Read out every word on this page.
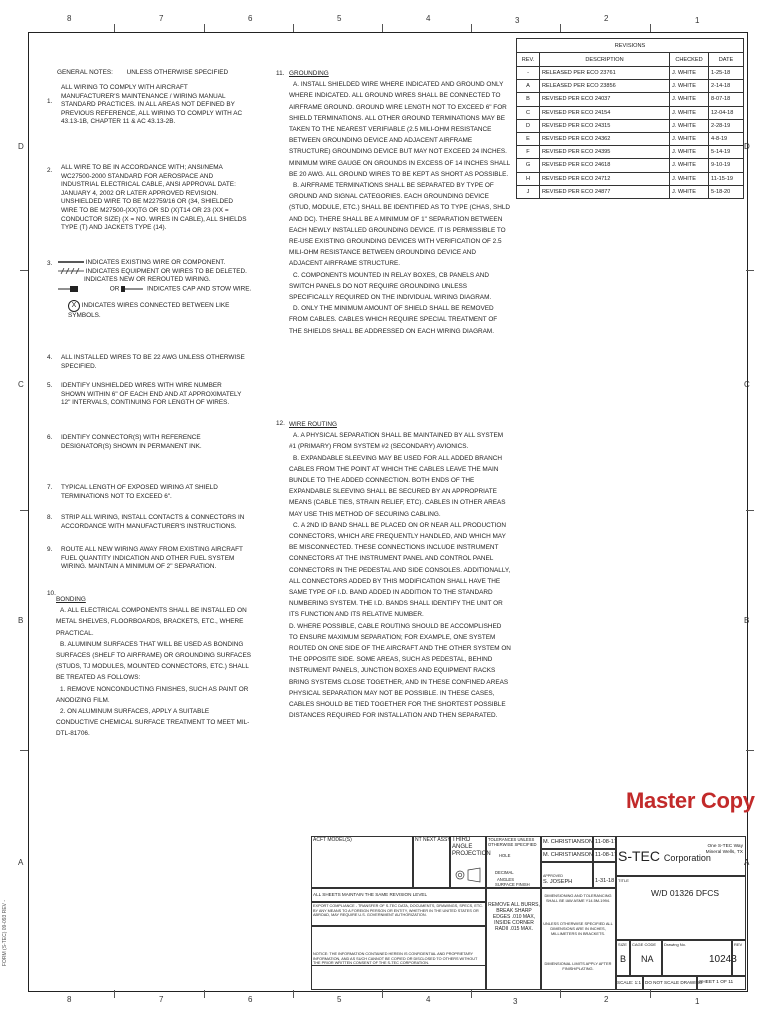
8	7	6	5	4	3	2	1
8	7	6	5	4	3	2	1
D
C
B
A
D
C
B
A
REVISIONS			
REV.	DESCRIPTION	CHECKED	DATE
-	RELEASED PER ECO 23761	J. WHITE	1-25-18
A	RELEASED PER ECO 23856	J. WHITE	2-14-18
B	REVISED PER ECO 24037	J. WHITE	8-07-18
C	REVISED PER ECO 24154	J. WHITE	12-04-18
D	REVISED PER ECO 24315	J. WHITE	2-28-19
E	REVISED PER ECO 24362	J. WHITE	4-8-19
F	REVISED PER ECO 24395	J. WHITE	5-14-19
G	REVISED PER ECO 24618	J. WHITE	9-10-19
H	REVISED PER ECO 24712	J. WHITE	11-15-19
J	REVISED PER ECO 24877	J. WHITE	5-18-20
GENERAL NOTES: UNLESS OTHERWISE SPECIFIED
1.
ALL WIRING TO COMPLY WITH AIRCRAFT MANUFACTURER'S MAINTENANCE / WIRING MANUAL STANDARD PRACTICES. IN ALL AREAS NOT DEFINED BY PREVIOUS REFERENCE, ALL WIRING TO COMPLY WITH AC 43.13-1B, CHAPTER 11 & AC 43.13-2B.
2. ALL WIRE TO BE IN ACCORDANCE WITH; ANSI/NEMA WC27500-2000 STANDARD FOR AEROSPACE AND INDUSTRIAL ELECTRICAL CABLE, ANSI APPROVAL DATE: JANUARY 4, 2002 OR LATER APPROVED REVISION. UNSHIELDED WIRE TO BE M22759/16 OR (34, SHIELDED WIRE TO BE M27500-(XX)TG OR SD (X)T14 OR 23 (XX = CONDUCTOR SIZE) (X = NO. WIRES IN CABLE), ALL SHIELDS TYPE (T) AND JACKETS TYPE (14).
3.	INDICATES EXISTING WIRE OR COMPONENT.
INDICATES EQUIPMENT OR WIRES TO BE DELETED.
INDICATES NEW OR REROUTED WIRING.
OR	INDICATES CAP AND STOW WIRE.
X INDICATES WIRES CONNECTED BETWEEN LIKE SYMBOLS.
4. ALL INSTALLED WIRES TO BE 22 AWG UNLESS OTHERWISE SPECIFIED.
5. IDENTIFY UNSHIELDED WIRES WITH WIRE NUMBER SHOWN WITHIN 6" OF EACH END AND AT APPROXIMATELY 12" INTERVALS, CONTINUING FOR LENGTH OF WIRES.
6. IDENTIFY CONNECTOR(S) WITH REFERENCE DESIGNATOR(S) SHOWN IN PERMANENT INK.
7. TYPICAL LENGTH OF EXPOSED WIRING AT SHIELD TERMINATIONS NOT TO EXCEED 6".
8. STRIP ALL WIRING, INSTALL CONTACTS & CONNECTORS IN ACCORDANCE WITH MANUFACTURER'S INSTRUCTIONS.
9. ROUTE ALL NEW WIRING AWAY FROM EXISTING AIRCRAFT FUEL QUANTITY INDICATION AND OTHER FUEL SYSTEM WIRING. MAINTAIN A MINIMUM OF 2" SEPARATION.
10.
BONDING
A. ALL ELECTRICAL COMPONENTS SHALL BE INSTALLED ON METAL SHELVES, FLOORBOARDS, BRACKETS, ETC., WHERE PRACTICAL.
B. ALUMINUM SURFACES THAT WILL BE USED AS BONDING SURFACES (SHELF TO AIRFRAME) OR GROUNDING SURFACES (STUDS, TJ MODULES, MOUNTED CONNECTORS, ETC.) SHALL BE TREATED AS FOLLOWS:
1. REMOVE NONCONDUCTING FINISHES, SUCH AS PAINT OR ANODIZING FILM.
2. ON ALUMINUM SURFACES, APPLY A SUITABLE CONDUCTIVE CHEMICAL SURFACE TREATMENT TO MEET MIL-DTL-81706.
11. GROUNDING
A. INSTALL SHIELDED WIRE WHERE INDICATED AND GROUND ONLY WHERE INDICATED. ALL GROUND WIRES SHALL BE CONNECTED TO AIRFRAME GROUND. GROUND WIRE LENGTH NOT TO EXCEED 6" FOR SHIELD TERMINATIONS. ALL OTHER GROUND TERMINATIONS MAY BE TAKEN TO THE NEAREST VERIFIABLE (2.5 MILI-OHM RESISTANCE BETWEEN GROUNDING DEVICE AND ADJACENT AIRFRAME STRUCTURE) GROUNDING DEVICE BUT MAY NOT EXCEED 24 INCHES. MINIMUM WIRE GAUGE ON GROUNDS IN EXCESS OF 14 INCHES SHALL BE 20 AWG. ALL GROUND WIRES TO BE KEPT AS SHORT AS POSSIBLE.
B. AIRFRAME TERMINATIONS SHALL BE SEPARATED BY TYPE OF GROUND AND SIGNAL CATEGORIES. EACH GROUNDING DEVICE (STUD, MODULE, ETC.) SHALL BE IDENTIFIED AS TO TYPE (CHAS, SHLD AND DC). THERE SHALL BE A MINIMUM OF 1" SEPARATION BETWEEN EACH NEWLY INSTALLED GROUNDING DEVICE. IT IS PERMISSIBLE TO RE-USE EXISTING GROUNDING DEVICES WITH VERIFICATION OF 2.5 MILI-OHM RESISTANCE BETWEEN GROUNDING DEVICE AND ADJACENT AIRFRAME STRUCTURE.
C. COMPONENTS MOUNTED IN RELAY BOXES, CB PANELS AND SWITCH PANELS DO NOT REQUIRE GROUNDING UNLESS SPECIFICALLY REQUIRED ON THE INDIVIDUAL WIRING DIAGRAM.
D. ONLY THE MINIMUM AMOUNT OF SHIELD SHALL BE REMOVED FROM CABLES. CABLES WHICH REQUIRE SPECIAL TREATMENT OF THE SHIELDS SHALL BE ADDRESSED ON EACH WIRING DIAGRAM.
12. WIRE ROUTING
A. A PHYSICAL SEPARATION SHALL BE MAINTAINED BY ALL SYSTEM #1 (PRIMARY) FROM SYSTEM #2 (SECONDARY) AVIONICS.
B. EXPANDABLE SLEEVING MAY BE USED FOR ALL ADDED BRANCH CABLES FROM THE POINT AT WHICH THE CABLES LEAVE THE MAIN BUNDLE TO THE ADDED CONNECTION. BOTH ENDS OF THE EXPANDABLE SLEEVING SHALL BE SECURED BY AN APPROPRIATE MEANS (CABLE TIES, STRAIN RELIEF, ETC). CABLES IN OTHER AREAS MAY USE THIS METHOD OF SECURING CABLING.
C. A 2ND ID BAND SHALL BE PLACED ON OR NEAR ALL PRODUCTION CONNECTORS, WHICH ARE FREQUENTLY HANDLED, AND WHICH MAY BE MISCONNECTED. THESE CONNECTIONS INCLUDE INSTRUMENT CONNECTORS AT THE INSTRUMENT PANEL AND CONTROL PANEL CONNECTORS IN THE PEDESTAL AND SIDE CONSOLES. ADDITIONALLY, ALL CONNECTORS ADDED BY THIS MODIFICATION SHALL HAVE THE SAME TYPE OF I.D. BAND ADDED IN ADDITION TO THE STANDARD NUMBERING SYSTEM. THE I.D. BANDS SHALL IDENTIFY THE UNIT OR ITS FUNCTION AND ITS RELATIVE NUMBER.
D. WHERE POSSIBLE, CABLE ROUTING SHOULD BE ACCOMPLISHED TO ENSURE MAXIMUM SEPARATION; FOR EXAMPLE, ONE SYSTEM ROUTED ON ONE SIDE OF THE AIRCRAFT AND THE OTHER SYSTEM ON THE OPPOSITE SIDE. SOME AREAS, SUCH AS PEDESTAL, BEHIND INSTRUMENT PANELS, JUNCTION BOXES AND EQUIPMENT RACKS BRING SYSTEMS CLOSE TOGETHER, AND IN THESE CONFINED AREAS PHYSICAL SEPARATION MAY NOT BE POSSIBLE. IN THESE CASES, CABLES SHOULD BE TIED TOGETHER FOR THE SHORTEST POSSIBLE DISTANCES REQUIRED FOR INSTALLATION AND THEN SEPARATED.
Master Copy
ACFT MODEL(S)	NT NEXT ASSY THIRD ANGLE PROJECTION
TOLERANCES UNLESS OTHERWISE SPECIFIED
HOLE
DECIMAL
ANGLES
SURFACE FINISH
M. CHRISTIANSON 11-08-17
M. CHRISTIANSON 11-08-17
APPROVED
S. JOSEPH	1-31-18
S-TEC Corporation
One S-TEC Way
Mineral Wells, TX
ALL SHEETS MAINTAIN THE SAME REVISION LEVEL
EXPORT COMPLIANCE - TRANSFER OF S-TEC DATA, DOCUMENTS, DRAWINGS, SPECS, ETC. BY ANY MEANS TO A FOREIGN PERSON OR ENTITY, WHETHER IN THE UNITED STATES OR ABROAD, MAY REQUIRE U.S. GOVERNMENT AUTHORIZATION.
NOTICE: THE INFORMATION CONTAINED HEREIN IS CONFIDENTIAL AND PROPRIETARY INFORMATION, AND AS SUCH CANNOT BE COPIED OR DISCLOSED TO OTHERS WITHOUT THE PRIOR WRITTEN CONSENT OF THE S-TEC CORPORATION.
REMOVE ALL BURRS, BREAK SHARP EDGES .010 MAX, INSIDE CORNER RADII .015 MAX.
DIMENSIONING AND TOLERANCING SHALL BE IAW ASME Y14.5M-1994.
UNLESS OTHERWISE SPECIFIED ALL DIMENSIONS ARE IN INCHES, MILLIMETERS IN BRACKETS.
DIMENSIONAL LIMITS APPLY AFTER FINISH/PLATING.
TITLE
W/D 01326 DFCS
SIZE
B
CAGE CODE
NA
Drawing No.
10243
REV
SCALE: 1:1 DO NOT SCALE DRAWING
SHEET 1 OF 11
FORM (S-TEC) 09-093 REV -
